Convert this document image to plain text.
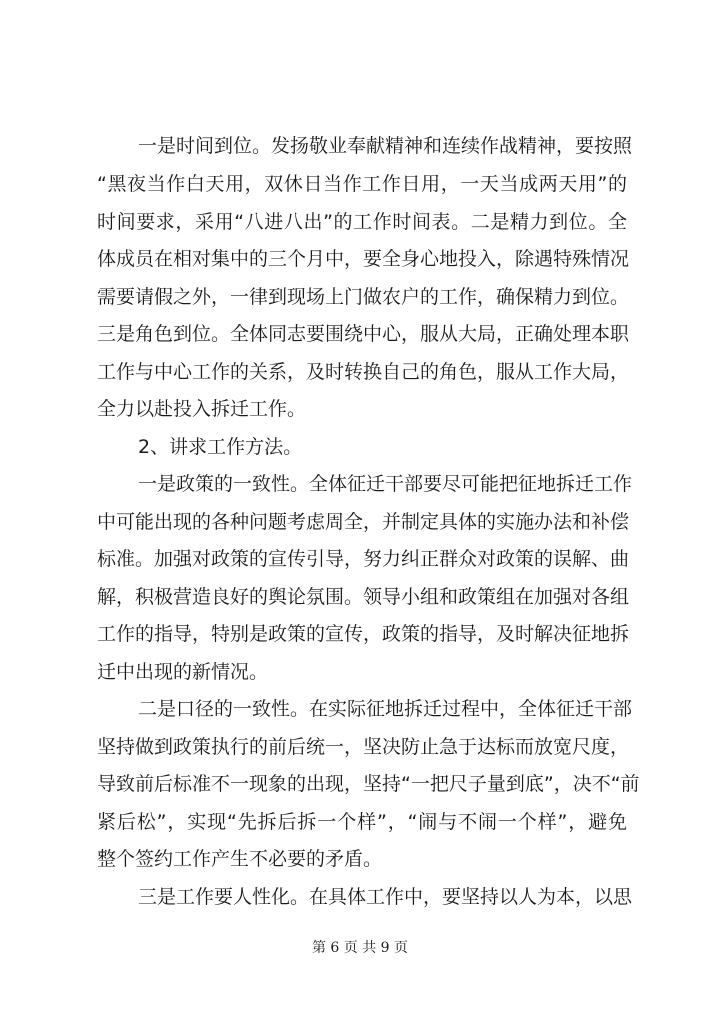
一是时间到位。发扬敬业奉献精神和连续作战精神，要按照
“黑夜当作白天用，双休日当作工作日用，一天当成两天用”的
时间要求，采用“八进八出”的工作时间表。二是精力到位。全
体成员在相对集中的三个月中，要全身心地投入，除遇特殊情况
需要请假之外，一律到现场上门做农户的工作，确保精力到位。
三是角色到位。全体同志要围绕中心，服从大局，正确处理本职
工作与中心工作的关系，及时转换自己的角色，服从工作大局，
全力以赴投入拆迁工作。
2、讲求工作方法。
一是政策的一致性。全体征迁干部要尽可能把征地拆迁工作
中可能出现的各种问题考虑周全，并制定具体的实施办法和补偿
标准。加强对政策的宣传引导，努力纠正群众对政策的误解、曲
解，积极营造良好的舆论氛围。领导小组和政策组在加强对各组
工作的指导，特别是政策的宣传，政策的指导，及时解决征地拆
迁中出现的新情况。
二是口径的一致性。在实际征地拆迁过程中，全体征迁干部
坚持做到政策执行的前后统一，坚决防止急于达标而放宽尺度，
导致前后标准不一现象的出现，坚持“一把尺子量到底”，决不“前
紧后松”，实现“先拆后拆一个样”，“闹与不闹一个样”，避免
整个签约工作产生不必要的矛盾。
三是工作要人性化。在具体工作中，要坚持以人为本，以思
第 6 页 共 9 页
